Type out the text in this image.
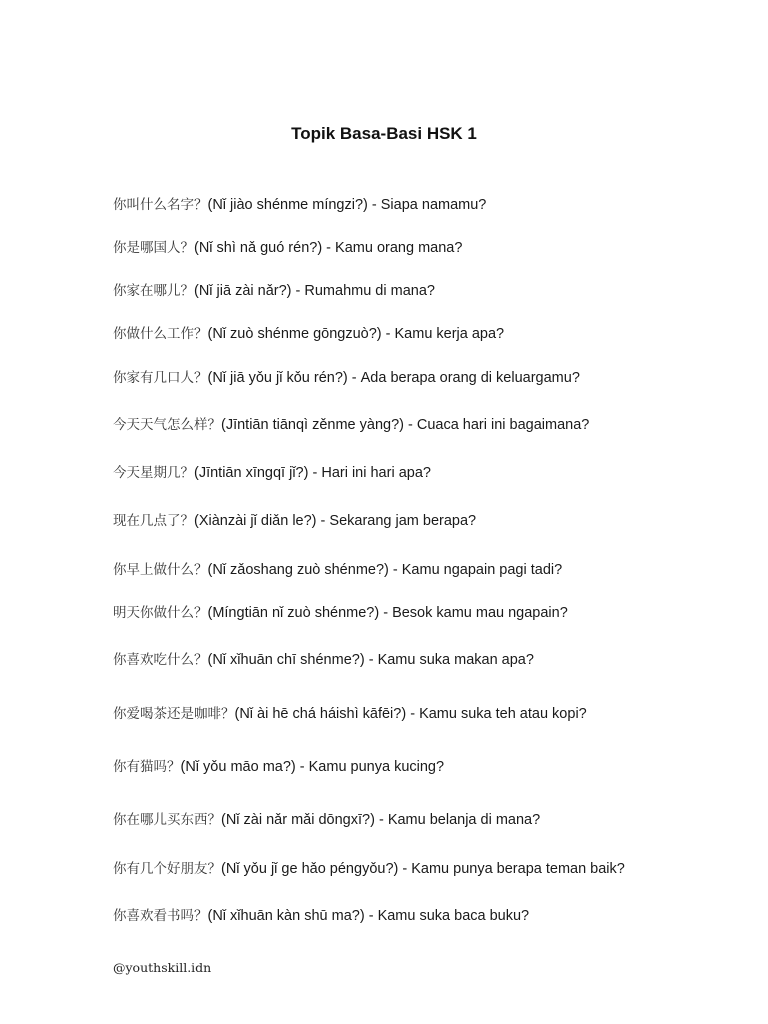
Topik Basa-Basi HSK 1
你叫什么名字？(Nǐ jiào shénme míngzi?) - Siapa namamu?
你是哪国人？(Nǐ shì nǎ guó rén?) - Kamu orang mana?
你家在哪儿？(Nǐ jiā zài nǎr?) - Rumahmu di mana?
你做什么工作？(Nǐ zuò shénme gōngzuò?) - Kamu kerja apa?
你家有几口人？(Nǐ jiā yǒu jǐ kǒu rén?) - Ada berapa orang di keluargamu?
今天天气怎么样？(Jīntiān tiānqì zěnme yàng?) - Cuaca hari ini bagaimana?
今天星期几？(Jīntiān xīngqī jǐ?) - Hari ini hari apa?
现在几点了？(Xiànzài jǐ diǎn le?) - Sekarang jam berapa?
你早上做什么？(Nǐ zǎoshang zuò shénme?) - Kamu ngapain pagi tadi?
明天你做什么？(Míngtiān nǐ zuò shénme?) - Besok kamu mau ngapain?
你喜欢吃什么？(Nǐ xǐhuān chī shénme?) - Kamu suka makan apa?
你爱喝茶还是咖啡？(Nǐ ài hē chá háishì kāfēi?) - Kamu suka teh atau kopi?
你有猫吗？(Nǐ yǒu māo ma?) - Kamu punya kucing?
你在哪儿买东西？(Nǐ zài nǎr mǎi dōngxī?) - Kamu belanja di mana?
你有几个好朋友？(Nǐ yǒu jǐ ge hǎo péngyǒu?) - Kamu punya berapa teman baik?
你喜欢看书吗？(Nǐ xǐhuān kàn shū ma?) - Kamu suka baca buku?
@youthskill.idn
